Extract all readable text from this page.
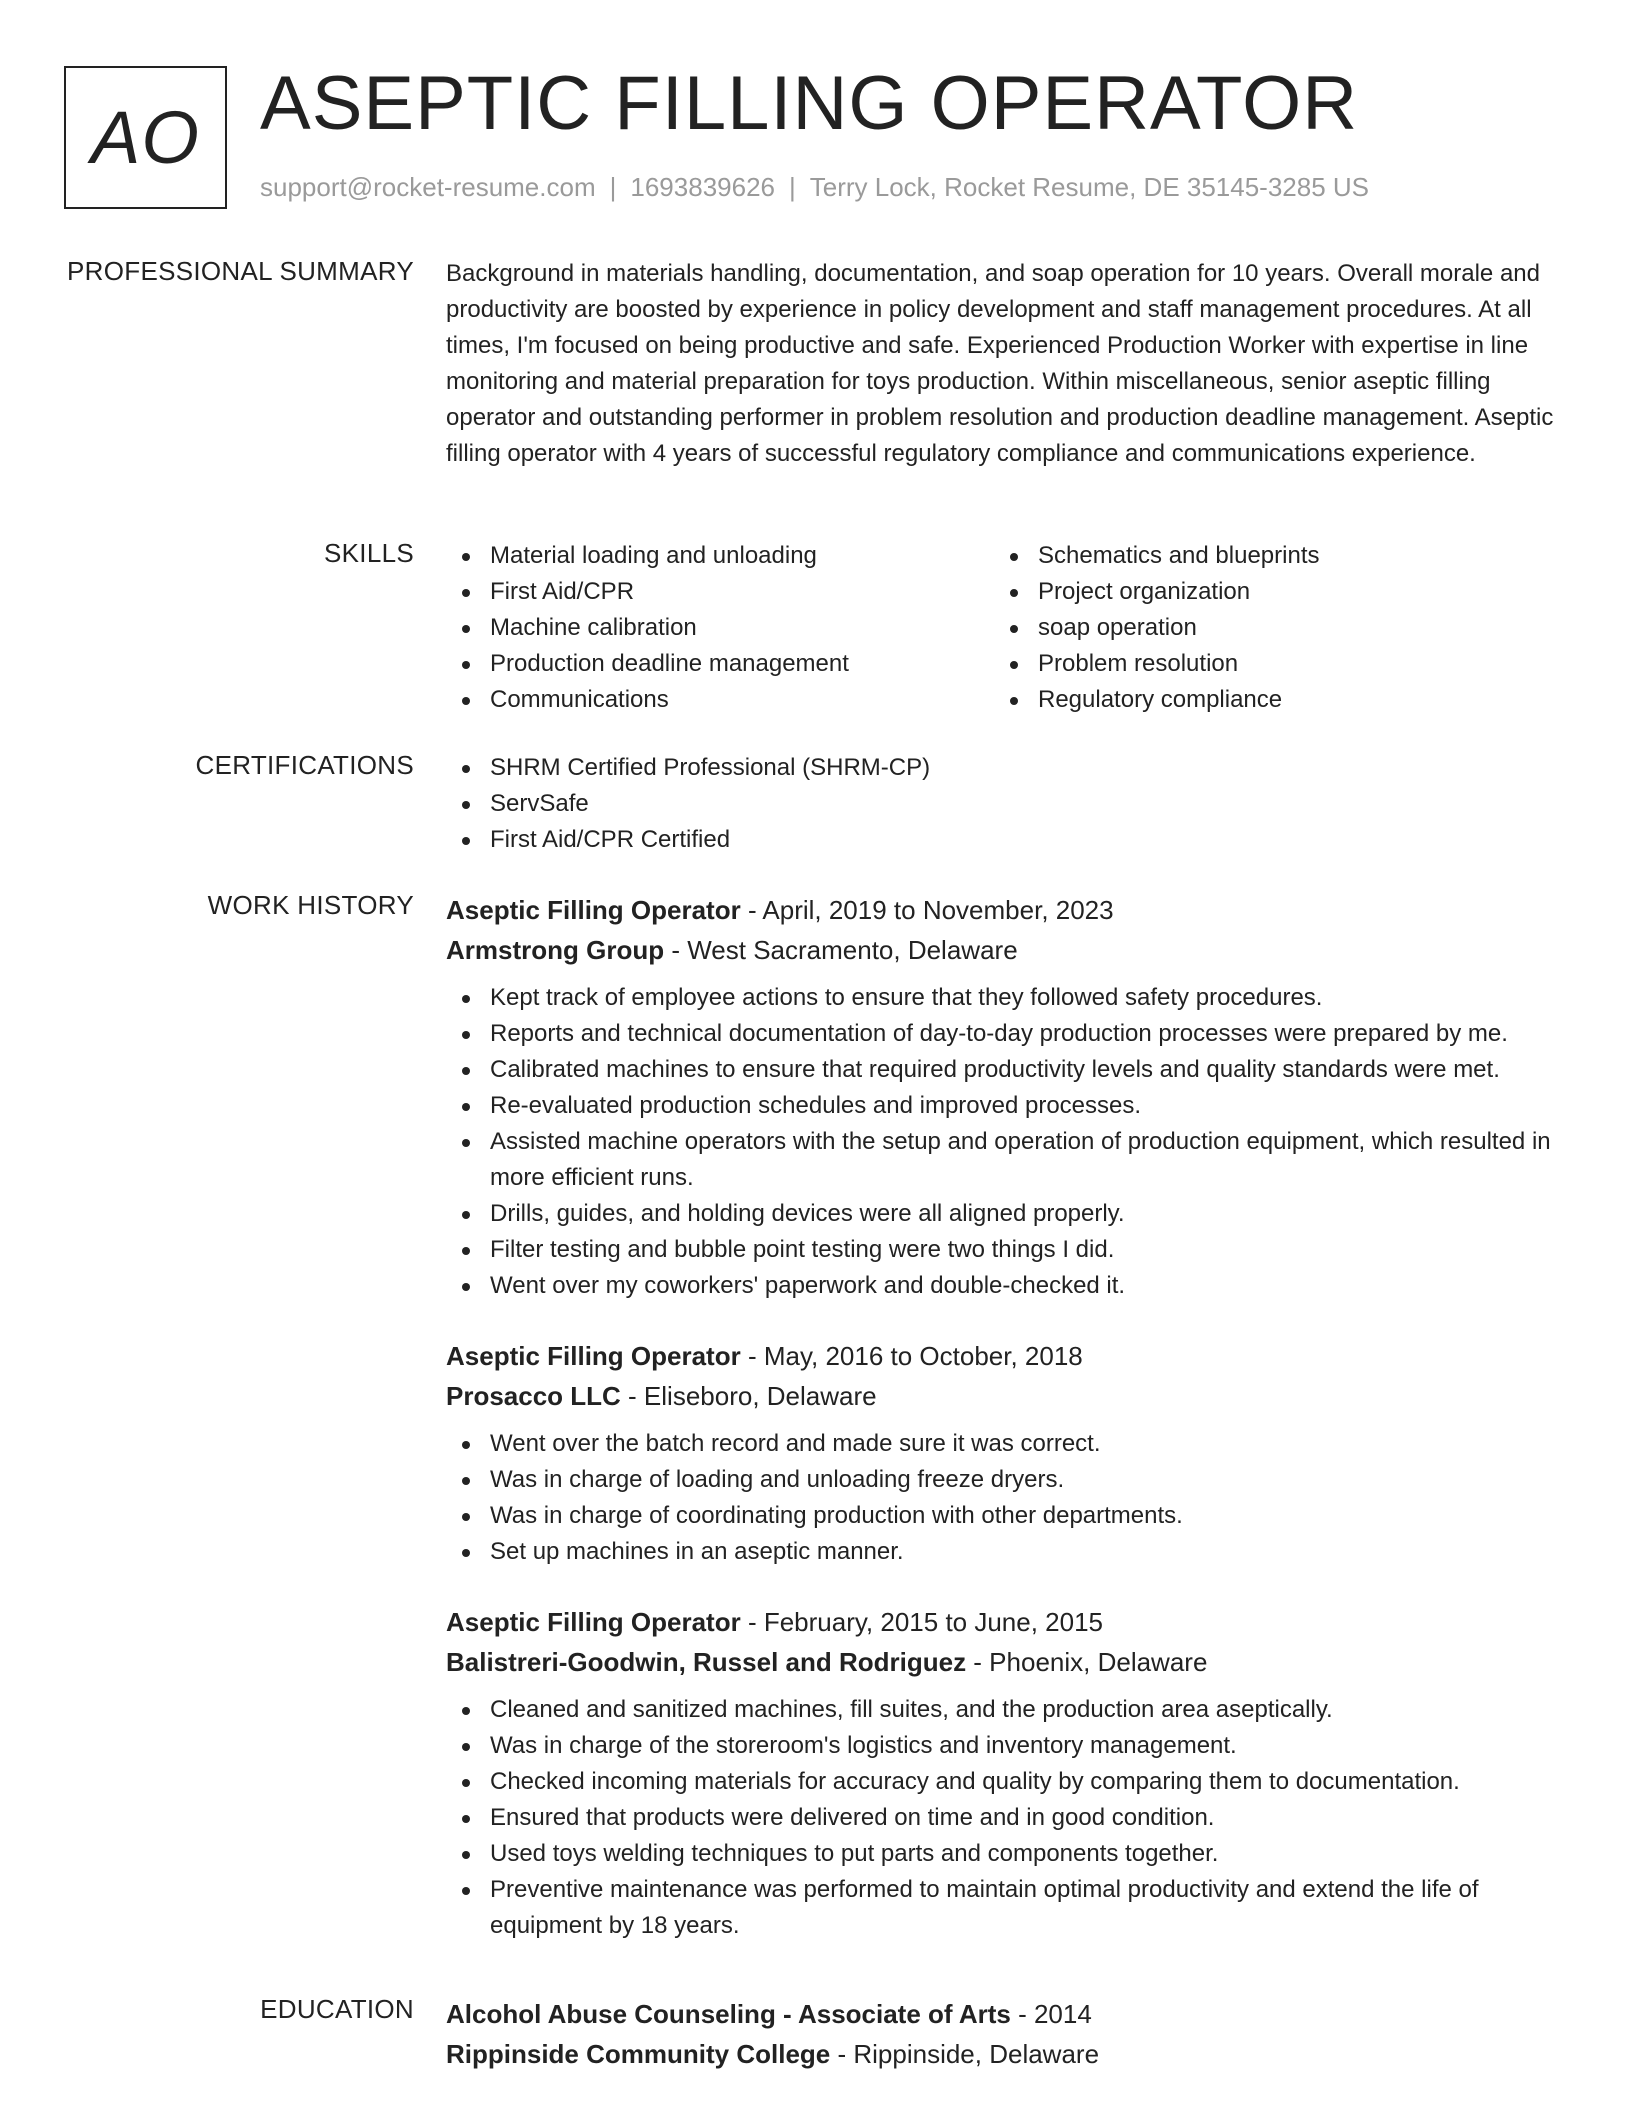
AO ASEPTIC FILLING OPERATOR
support@rocket-resume.com | 1693839626 | Terry Lock, Rocket Resume, DE 35145-3285 US
PROFESSIONAL SUMMARY Background in materials handling, documentation, and soap operation for 10 years. Overall morale and productivity are boosted by experience in policy development and staff management procedures. At all times, I'm focused on being productive and safe. Experienced Production Worker with expertise in line monitoring and material preparation for toys production. Within miscellaneous, senior aseptic filling operator and outstanding performer in problem resolution and production deadline management. Aseptic filling operator with 4 years of successful regulatory compliance and communications experience.

SKILLS	Material loading and unloading
First Aid/CPR
Machine calibration
Production deadline management
Communications
Schematics and blueprints
Project organization
soap operation
Problem resolution
Regulatory compliance
CERTIFICATIONS	SHRM Certified Professional (SHRM-CP)
ServSafe
First Aid/CPR Certified
WORK HISTORY Aseptic Filling Operator - April, 2019 to November, 2023
Armstrong Group - West Sacramento, Delaware
Kept track of employee actions to ensure that they followed safety procedures.
Reports and technical documentation of day-to-day production processes were prepared by me.
Calibrated machines to ensure that required productivity levels and quality standards were met.
Re-evaluated production schedules and improved processes.
Assisted machine operators with the setup and operation of production equipment, which resulted in more efficient runs.
Drills, guides, and holding devices were all aligned properly.
Filter testing and bubble point testing were two things I did.
Went over my coworkers' paperwork and double-checked it.
Aseptic Filling Operator - May, 2016 to October, 2018
Prosacco LLC - Eliseboro, Delaware
Went over the batch record and made sure it was correct.
Was in charge of loading and unloading freeze dryers.
Was in charge of coordinating production with other departments.
Set up machines in an aseptic manner.
Aseptic Filling Operator - February, 2015 to June, 2015
Balistreri-Goodwin, Russel and Rodriguez - Phoenix, Delaware
Cleaned and sanitized machines, fill suites, and the production area aseptically.
Was in charge of the storeroom's logistics and inventory management.
Checked incoming materials for accuracy and quality by comparing them to documentation.
Ensured that products were delivered on time and in good condition.
Used toys welding techniques to put parts and components together.
Preventive maintenance was performed to maintain optimal productivity and extend the life of equipment by 18 years.
EDUCATION Alcohol Abuse Counseling - Associate of Arts - 2014
Rippinside Community College - Rippinside, Delaware
